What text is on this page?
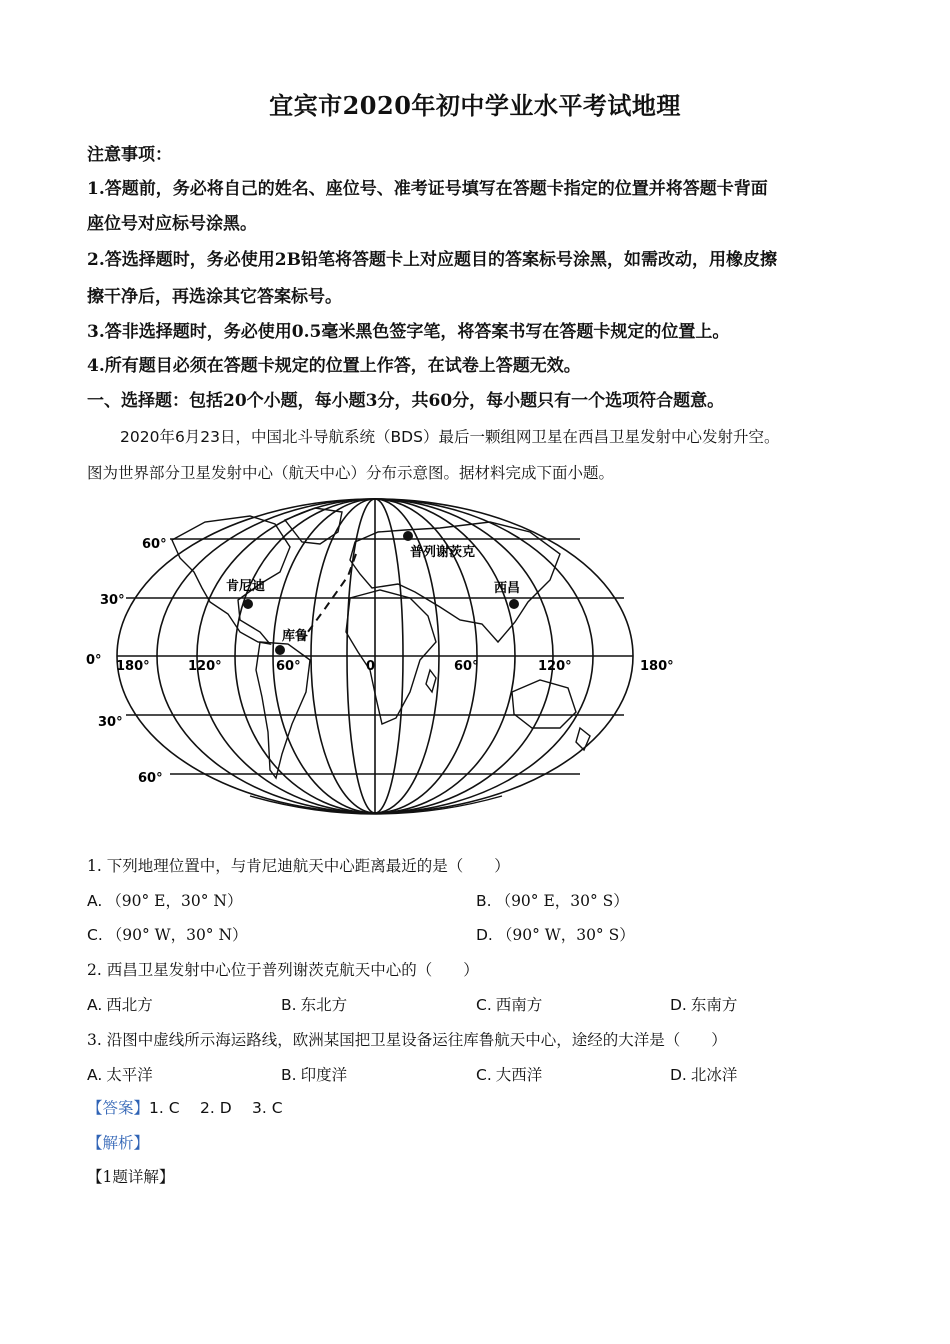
宜宾市2020年初中学业水平考试地理
注意事项：
1.答题前，务必将自己的姓名、座位号、准考证号填写在答题卡指定的位置并将答题卡背面
座位号对应标号涂黑。
2.答选择题时，务必使用2B铅笔将答题卡上对应题目的答案标号涂黑，如需改动，用橡皮擦
擦干净后，再选涂其它答案标号。
3.答非选择题时，务必使用0.5毫米黑色签字笔，将答案书写在答题卡规定的位置上。
4.所有题目必须在答题卡规定的位置上作答，在试卷上答题无效。
一、选择题：包括20个小题，每小题3分，共60分，每小题只有一个选项符合题意。
2020年6月23日，中国北斗导航系统（BDS）最后一颗组网卫星在西昌卫星发射中心发射升空。
图为世界部分卫星发射中心（航天中心）分布示意图。据材料完成下面小题。
普列谢茨克
肯尼迪	西昌
库鲁
60°
30°
0°
30°
60°
180°	120°	60°	0	60°	120°	180°
1. 下列地理位置中，与肯尼迪航天中心距离最近的是（　　）
A. （90° E，30° N）	B. （90° E，30° S）
C. （90° W，30° N）	D. （90° W，30° S）
2. 西昌卫星发射中心位于普列谢茨克航天中心的（　　）
A. 西北方	B. 东北方	C. 西南方	D. 东南方
3. 沿图中虚线所示海运路线，欧洲某国把卫星设备运往库鲁航天中心，途经的大洋是（　　）
A. 太平洋	B. 印度洋	C. 大西洋	D. 北冰洋
【答案】1. C　 2. D　 3. C
【解析】
【1题详解】
